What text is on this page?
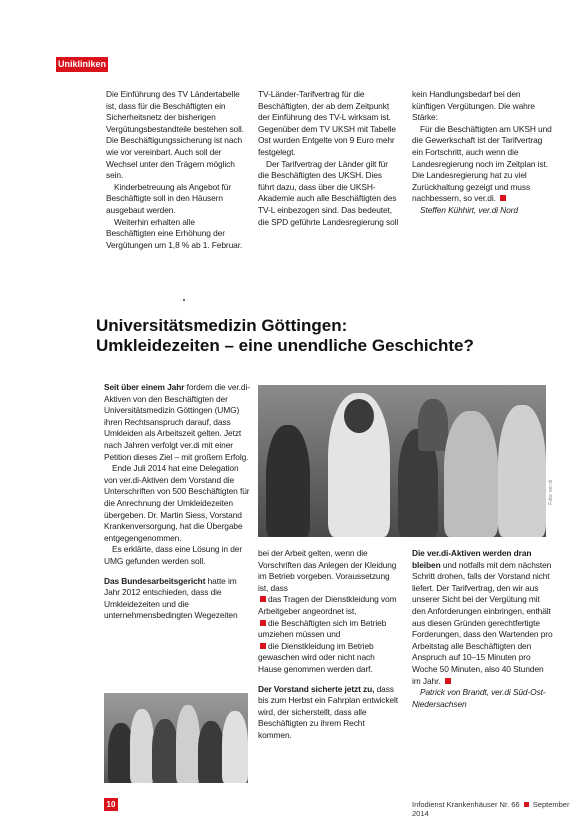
Unikliniken

Die Einführung des TV Ländertabelle ist, dass für die Beschäftigten ein Sicherheitsnetz der bisherigen Vergütungsbestandteile bestehen soll. Die Beschäftigungssicherung ist nach wie vor vereinbart. Auch soll der Wechsel unter den Trägern möglich sein.

Kinderbetreuung als Angebot für Beschäftigte soll in den Häusern ausgebaut werden.

Weiterhin erhalten alle Beschäftigten eine Erhöhung der Vergütungen um 1,8 % ab 1. Februar.

TV-Länder-Tarifvertrag für die Beschäftigten, der ab dem Zeitpunkt der Einführung des TV-L wirksam ist. Gegenüber dem TV UKSH mit Tabelle Ost wurden Entgelte von 9 Euro mehr festgelegt.

Der Tarifvertrag der Länder gilt für die Beschäftigten des UKSH. Dies führt dazu, dass über die UKSH-Akademie auch alle Beschäftigten des TV-L einbezogen sind. Das bedeutet, die SPD geführte Landesregierung soll

kein Handlungsbedarf bei den künftigen Vergütungen. Die wahre Stärke:

Für die Beschäftigten am UKSH und die Gewerkschaft ist der Tarifvertrag ein Fortschritt, auch wenn die Landesregierung noch im Zeitplan ist. Die Landesregierung hat zu viel Zurückhaltung gezeigt und muss nachbessern, so ver.di.

Steffen Kühhirt, ver.di Nord

Universitätsmedizin Göttingen:
Umkleidezeiten – eine unendliche Geschichte?

Seit über einem Jahr fordern die ver.di-Aktiven von den Beschäftigten der Universitätsmedizin Göttingen (UMG) ihren Rechtsanspruch darauf, dass Umkleiden als Arbeitszeit gelten. Jetzt nach Jahren verfolgt ver.di mit einer Petition dieses Ziel – mit großem Erfolg.

Ende Juli 2014 hat eine Delegation von ver.di-Aktiven dem Vorstand die Unterschriften von 500 Beschäftigten für die Anrechnung der Umkleidezeiten übergeben. Dr. Martin Siess, Vorstand Krankenversorgung, hat die Übergabe entgegengenommen.

Es erklärte, dass eine Lösung in der UMG gefunden werden soll.

Das Bundesarbeitsgericht hatte im Jahr 2012 entschieden, dass die Umkleidezeiten und die unternehmensbedingten Wegezeiten

Foto: ver.di

bei der Arbeit gelten, wenn die Vorschriften das Anlegen der Kleidung im Betrieb vorgeben. Voraussetzung ist, dass

das Tragen der Dienstkleidung vom Arbeitgeber angeordnet ist,

die Beschäftigten sich im Betrieb umziehen müssen und

die Dienstkleidung im Betrieb gewaschen wird oder nicht nach Hause genommen werden darf.

Der Vorstand sicherte jetzt zu, dass bis zum Herbst ein Fahrplan entwickelt wird, der sicherstellt, dass alle Beschäftigten zu ihrem Recht kommen.

Die ver.di-Aktiven werden dran bleiben und notfalls mit dem nächsten Schritt drohen, falls der Vorstand nicht liefert. Der Tarifvertrag, den wir aus unserer Sicht bei der Vergütung mit den Anforderungen einbringen, enthält aus diesen Gründen gerechtfertigte Forderungen, dass den Wartenden pro Arbeitstag alle Beschäftigten den Anspruch auf 10–15 Minuten pro Woche 50 Minuten, also 40 Stunden im Jahr.

Patrick von Brandt, ver.di Süd-Ost-Niedersachsen

10	Infodienst Krankenhäuser Nr. 66 September 2014
